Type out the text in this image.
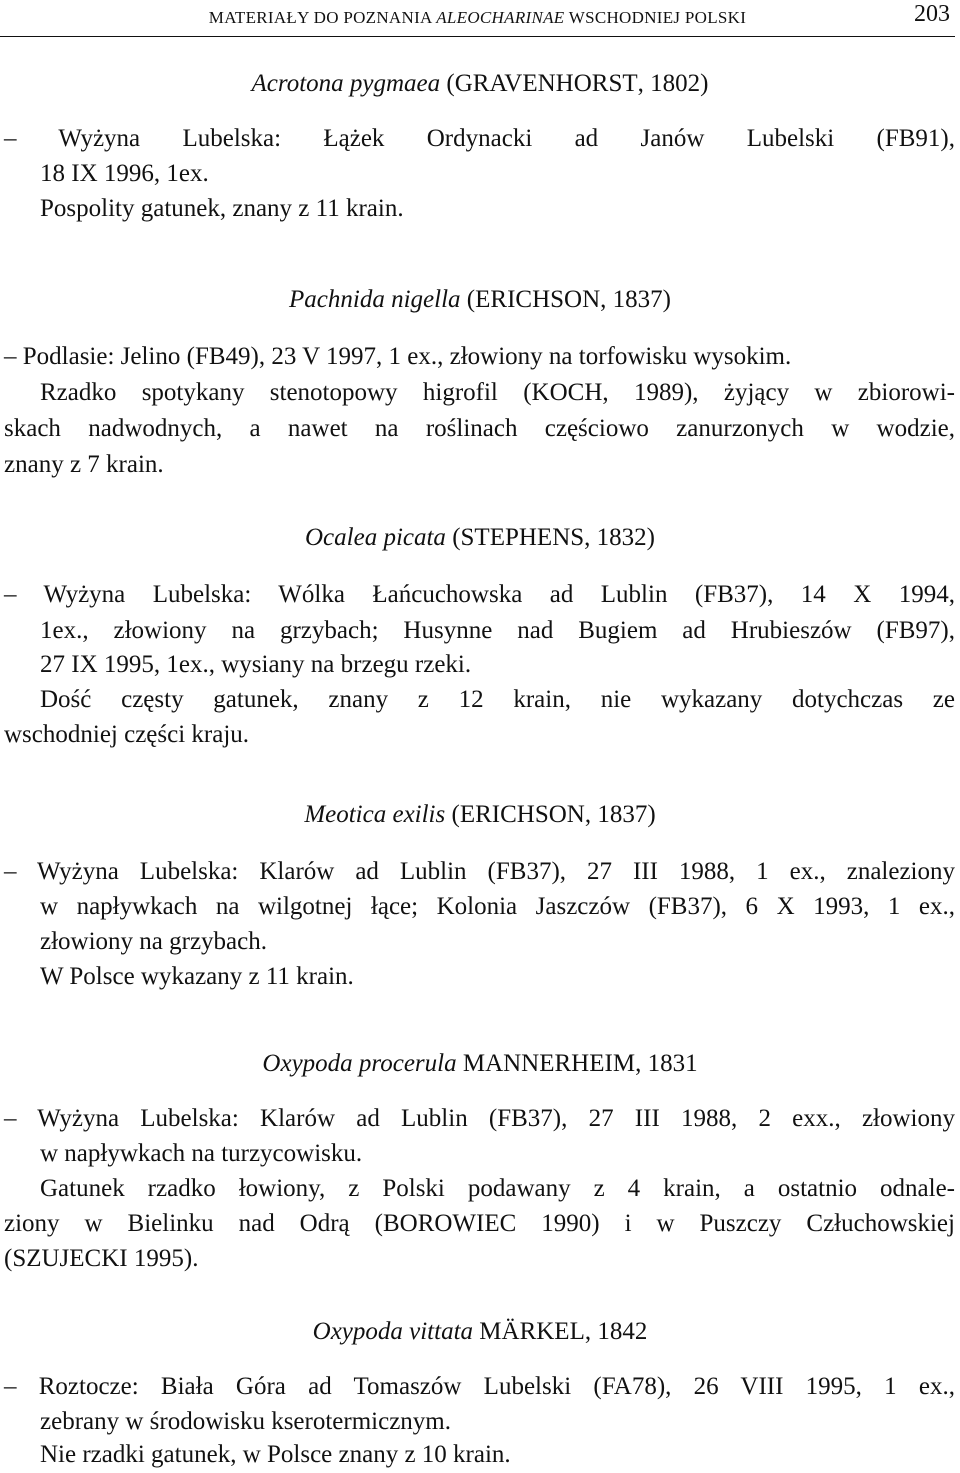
MATERIAŁY DO POZNANIA ALEOCHARINAE WSCHODNIEJ POLSKI	203
Acrotona pygmaea (GRAVENHORST, 1802)
– Wyżyna Lubelska: Łążek Ordynacki ad Janów Lubelski (FB91),
18 IX 1996, 1ex.
Pospolity gatunek, znany z 11 krain.
Pachnida nigella (ERICHSON, 1837)
– Podlasie: Jelino (FB49), 23 V 1997, 1 ex., złowiony na torfowisku wysokim.
Rzadko spotykany stenotopowy higrofil (KOCH, 1989), żyjący w zbiorowi-
skach nadwodnych, a nawet na roślinach częściowo zanurzonych w wodzie,
znany z 7 krain.
Ocalea picata (STEPHENS, 1832)
– Wyżyna Lubelska: Wólka Łańcuchowska ad Lublin (FB37), 14 X 1994,
1ex., złowiony na grzybach; Husynne nad Bugiem ad Hrubieszów (FB97),
27 IX 1995, 1ex., wysiany na brzegu rzeki.
Dość częsty gatunek, znany z 12 krain, nie wykazany dotychczas ze
wschodniej części kraju.
Meotica exilis (ERICHSON, 1837)
– Wyżyna Lubelska: Klarów ad Lublin (FB37), 27 III 1988, 1 ex., znaleziony
w napływkach na wilgotnej łące; Kolonia Jaszczów (FB37), 6 X 1993, 1 ex.,
złowiony na grzybach.
W Polsce wykazany z 11 krain.
Oxypoda procerula MANNERHEIM, 1831
– Wyżyna Lubelska: Klarów ad Lublin (FB37), 27 III 1988, 2 exx., złowiony
w napływkach na turzycowisku.
Gatunek rzadko łowiony, z Polski podawany z 4 krain, a ostatnio odnale-
ziony w Bielinku nad Odrą (BOROWIEC 1990) i w Puszczy Człuchowskiej
(SZUJECKI 1995).
Oxypoda vittata MÄRKEL, 1842
– Roztocze: Biała Góra ad Tomaszów Lubelski (FA78), 26 VIII 1995, 1 ex.,
zebrany w środowisku kserotermicznym.
Nie rzadki gatunek, w Polsce znany z 10 krain.
